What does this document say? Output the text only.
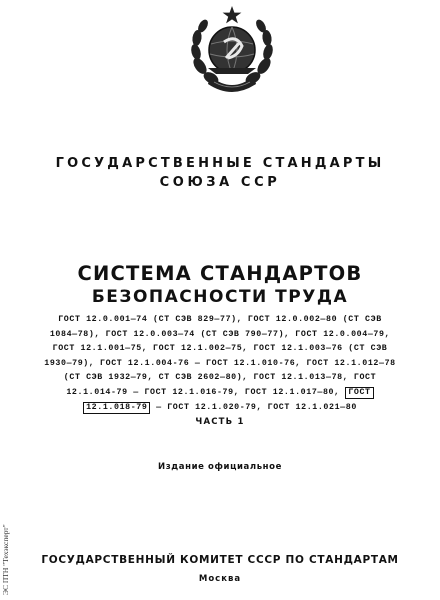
ГОСУДАРСТВЕННЫЕ СТАНДАРТЫ
СОЮЗА ССР
СИСТЕМА СТАНДАРТОВ
БЕЗОПАСНОСТИ ТРУДА
ГОСТ 12.0.001—74 (СТ СЭВ 829—77), ГОСТ 12.0.002—80 (СТ СЭВ
1084—78), ГОСТ 12.0.003—74 (СТ СЭВ 790—77), ГОСТ 12.0.004—79,
ГОСТ 12.1.001—75, ГОСТ 12.1.002—75, ГОСТ 12.1.003—76 (СТ СЭВ
1930—79), ГОСТ 12.1.004-76 — ГОСТ 12.1.010-76, ГОСТ 12.1.012—78
(СТ СЭВ 1932—79, СТ СЭВ 2602—80), ГОСТ 12.1.013—78, ГОСТ
12.1.014-79 — ГОСТ 12.1.016-79, ГОСТ 12.1.017—80, ГОСТ
12.1.018-79 — ГОСТ 12.1.020-79, ГОСТ 12.1.021—80
ЧАСТЬ 1
Издание официальное
ЭС ПТН "Техэксперт"	ГОСУДАРСТВЕННЫЙ КОМИТЕТ СССР ПО СТАНДАРТАМ
Москва
